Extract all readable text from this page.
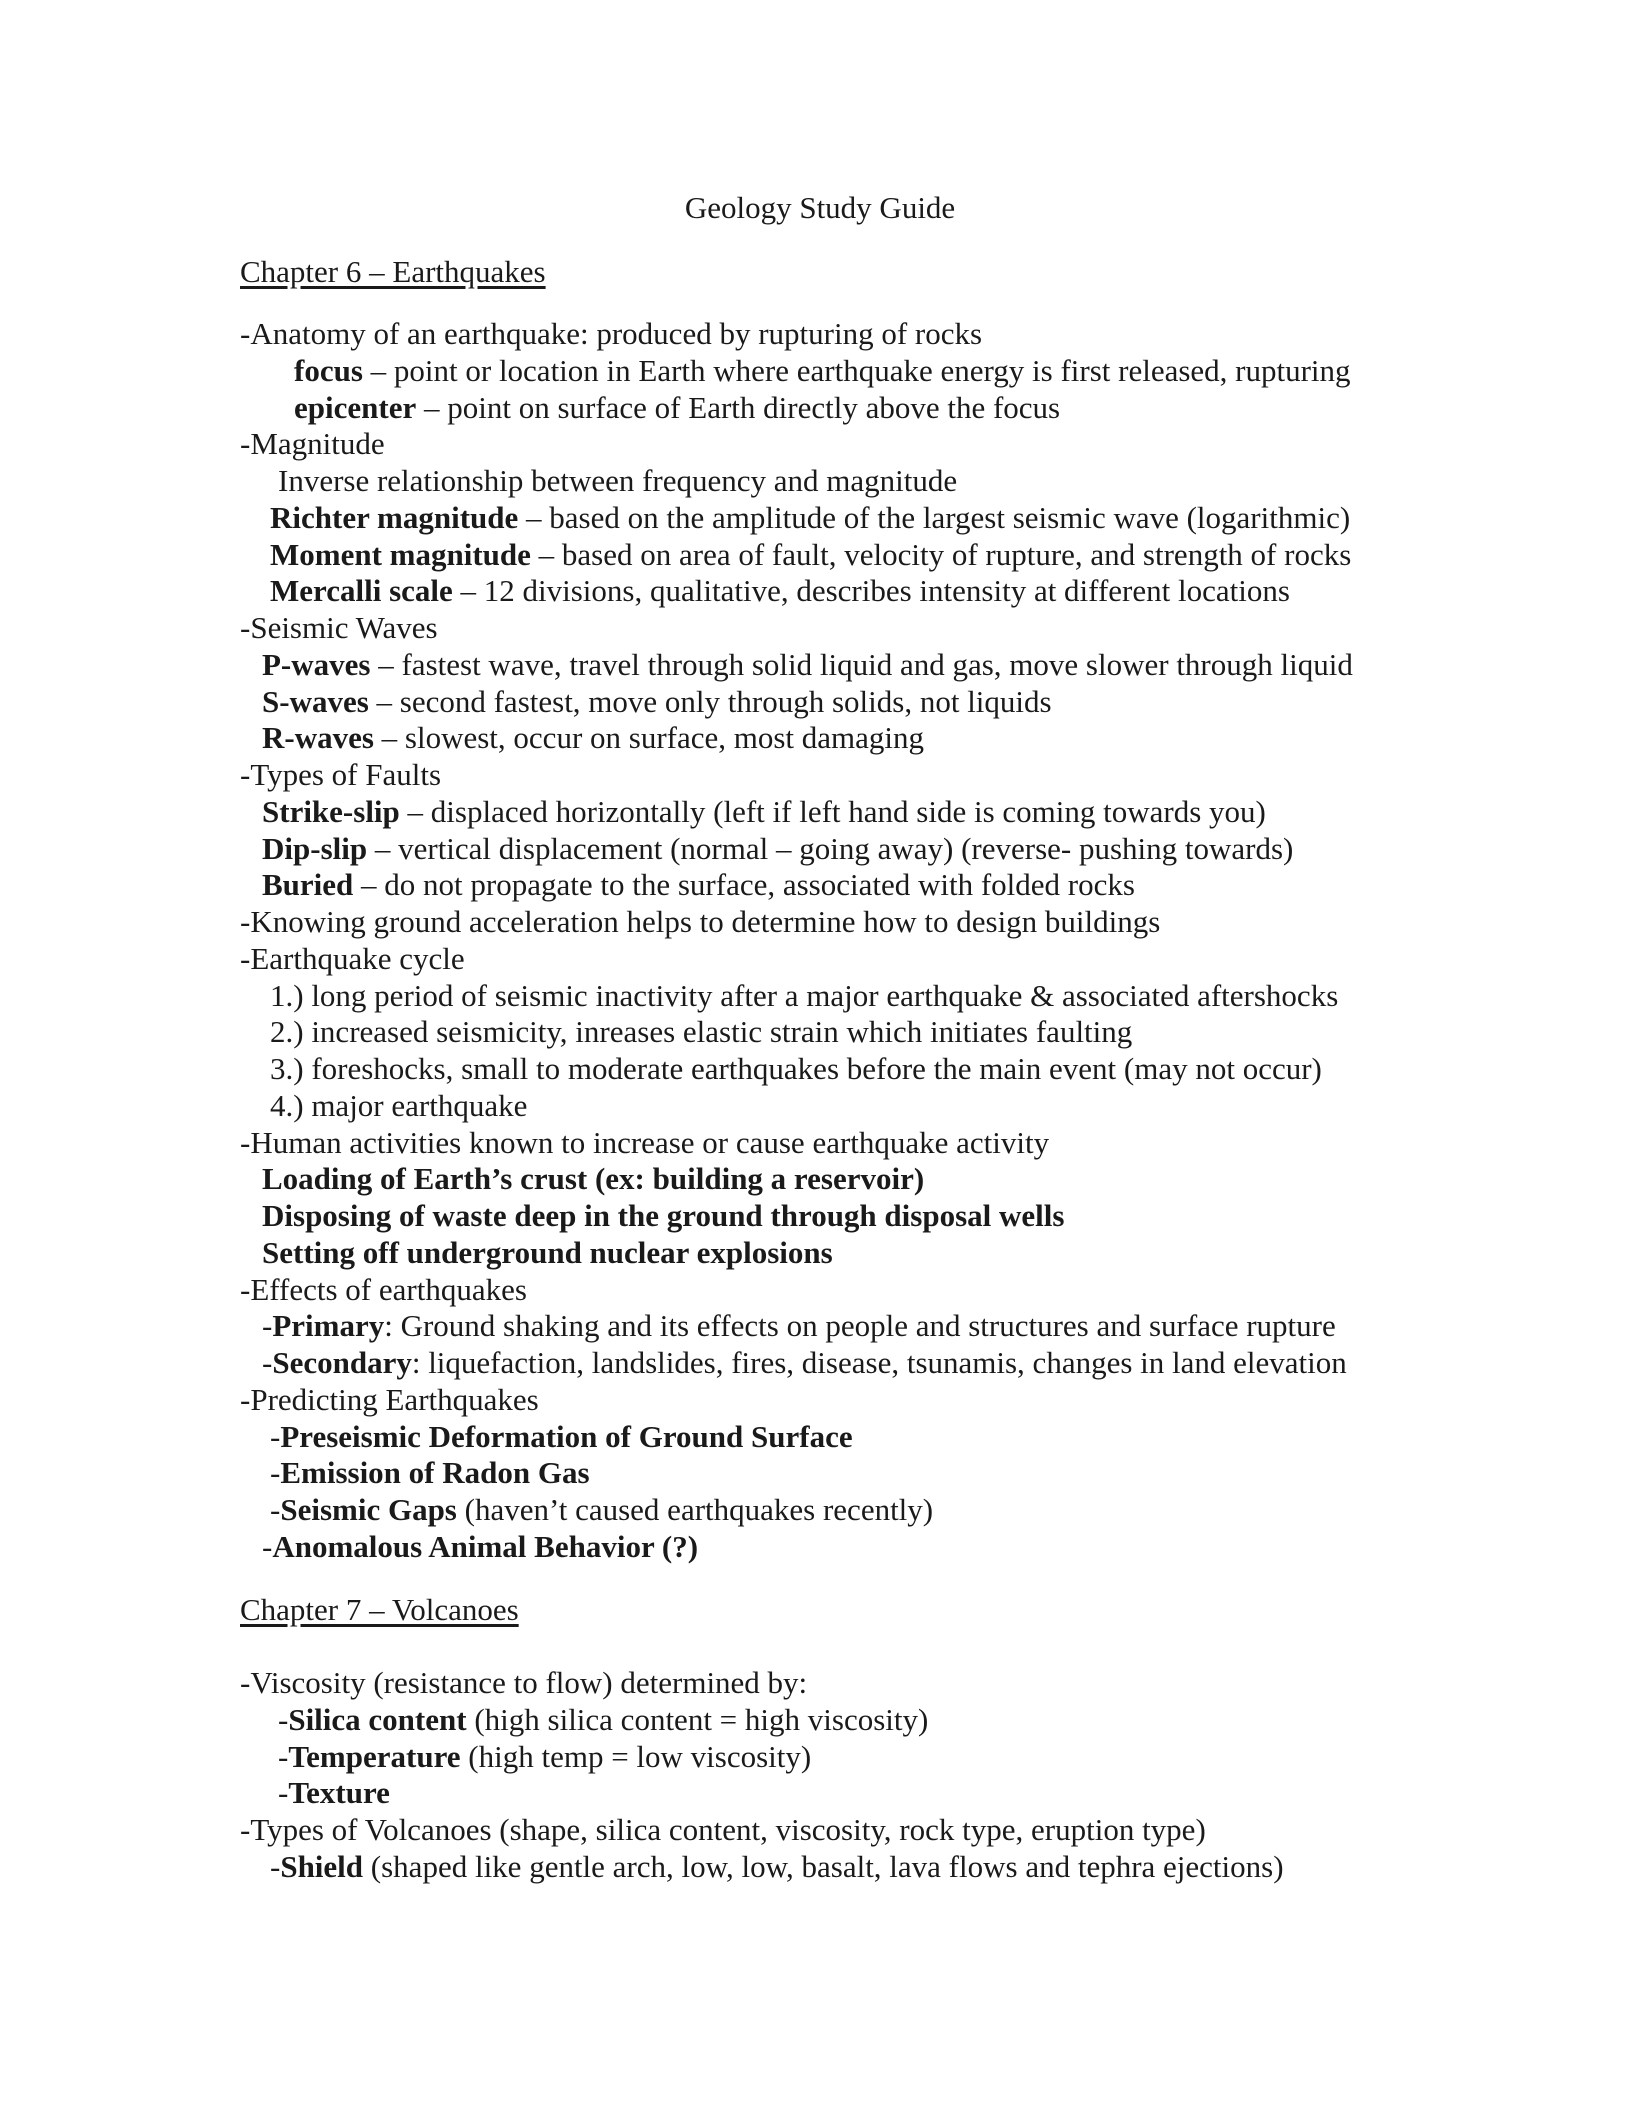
Geology Study Guide
Chapter 6 – Earthquakes
-Anatomy of an earthquake: produced by rupturing of rocks
focus – point or location in Earth where earthquake energy is first released, rupturing
epicenter – point on surface of Earth directly above the focus
-Magnitude
Inverse relationship between frequency and magnitude
Richter magnitude – based on the amplitude of the largest seismic wave (logarithmic)
Moment magnitude – based on area of fault, velocity of rupture, and strength of rocks
Mercalli scale – 12 divisions, qualitative, describes intensity at different locations
-Seismic Waves
P-waves – fastest wave, travel through solid liquid and gas, move slower through liquid
S-waves – second fastest, move only through solids, not liquids
R-waves – slowest, occur on surface, most damaging
-Types of Faults
Strike-slip – displaced horizontally (left if left hand side is coming towards you)
Dip-slip – vertical displacement (normal – going away) (reverse- pushing towards)
Buried – do not propagate to the surface, associated with folded rocks
-Knowing ground acceleration helps to determine how to design buildings
-Earthquake cycle
1.) long period of seismic inactivity after a major earthquake & associated aftershocks
2.) increased seismicity, inreases elastic strain which initiates faulting
3.) foreshocks, small to moderate earthquakes before the main event (may not occur)
4.) major earthquake
-Human activities known to increase or cause earthquake activity
Loading of Earth’s crust (ex: building a reservoir)
Disposing of waste deep in the ground through disposal wells
Setting off underground nuclear explosions
-Effects of earthquakes
-Primary: Ground shaking and its effects on people and structures and surface rupture
-Secondary: liquefaction, landslides, fires, disease, tsunamis, changes in land elevation
-Predicting Earthquakes
-Preseismic Deformation of Ground Surface
-Emission of Radon Gas
-Seismic Gaps (haven’t caused earthquakes recently)
-Anomalous Animal Behavior (?)
Chapter 7 – Volcanoes
-Viscosity (resistance to flow) determined by:
-Silica content (high silica content = high viscosity)
-Temperature (high temp = low viscosity)
-Texture
-Types of Volcanoes (shape, silica content, viscosity, rock type, eruption type)
-Shield (shaped like gentle arch, low, low, basalt, lava flows and tephra ejections)
